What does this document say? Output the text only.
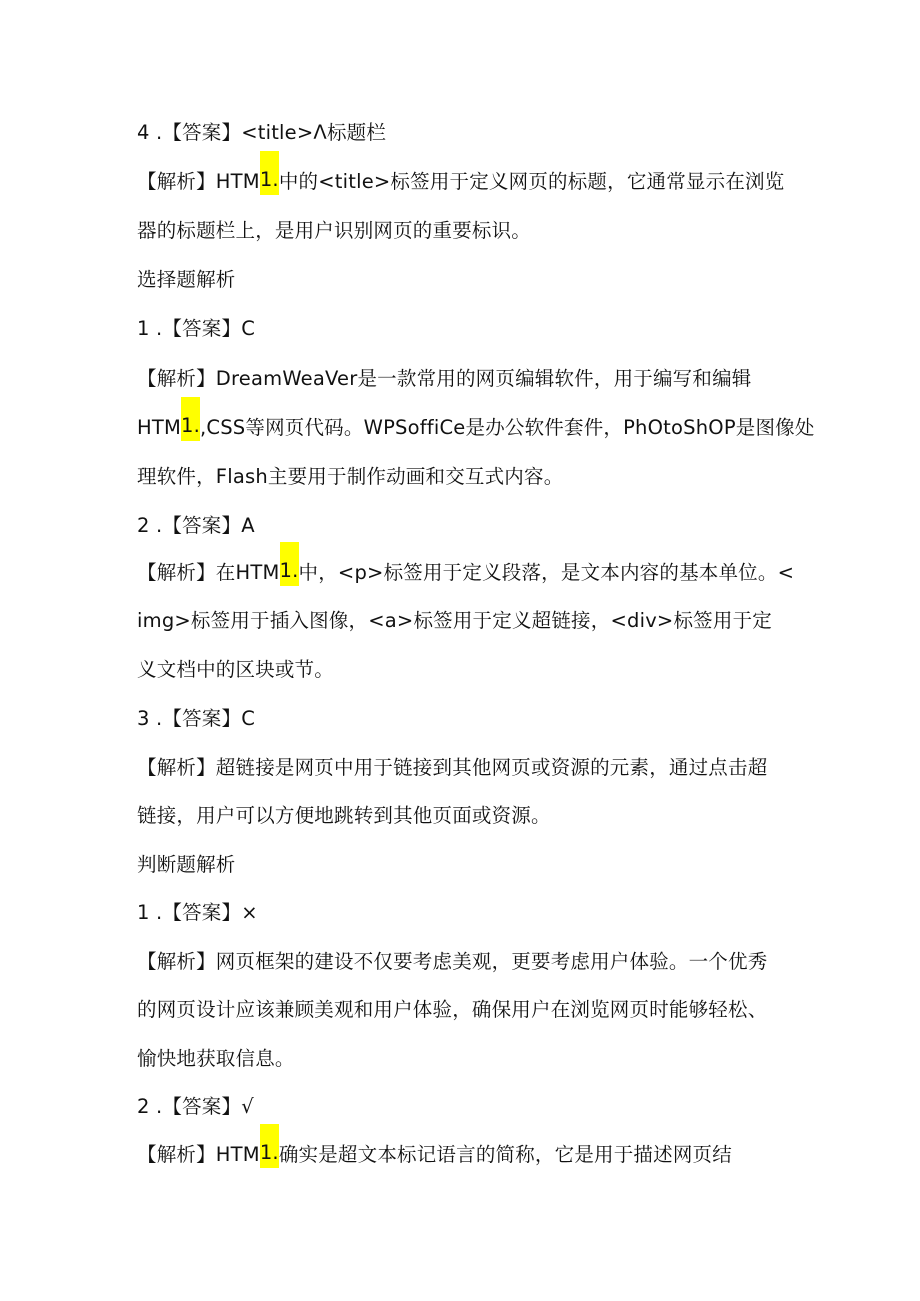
4 .【答案】<title>Λ标题栏
【解析】HTM1.中的<title>标签用于定义网页的标题，它通常显示在浏览
器的标题栏上，是用户识别网页的重要标识。
选择题解析
1 .【答案】C
【解析】DreamWeaVer是一款常用的网页编辑软件，用于编写和编辑
HTM1.,CSS等网页代码。WPSoffiCe是办公软件套件，PhOtoShOP是图像处
理软件，Flash主要用于制作动画和交互式内容。
2 .【答案】A
【解析】在HTM1.中，<p>标签用于定义段落，是文本内容的基本单位。<
img>标签用于插入图像，<a>标签用于定义超链接，<div>标签用于定
义文档中的区块或节。
3 .【答案】C
【解析】超链接是网页中用于链接到其他网页或资源的元素，通过点击超
链接，用户可以方便地跳转到其他页面或资源。
判断题解析
1 .【答案】×
【解析】网页框架的建设不仅要考虑美观，更要考虑用户体验。一个优秀
的网页设计应该兼顾美观和用户体验，确保用户在浏览网页时能够轻松、
愉快地获取信息。
2 .【答案】√
【解析】HTM1.确实是超文本标记语言的简称，它是用于描述网页结
